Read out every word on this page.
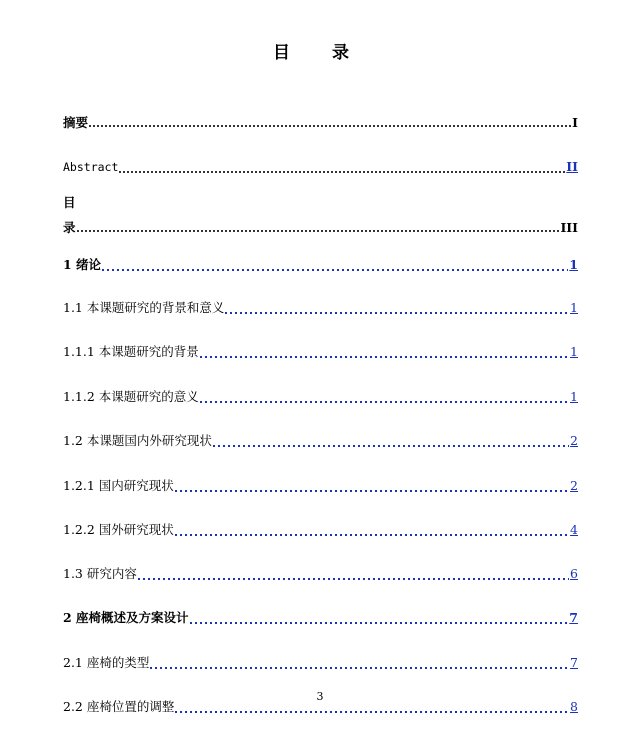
目 录
摘要	I
Abstract	II
目
录	III
1 绪论	1
1.1 本课题研究的背景和意义	1
1.1.1 本课题研究的背景	1
1.1.2 本课题研究的意义	1
1.2 本课题国内外研究现状	2
1.2.1 国内研究现状	2
1.2.2 国外研究现状	4
1.3 研究内容	6
2 座椅概述及方案设计	7
2.1 座椅的类型	7
3
2.2 座椅位置的调整	8
